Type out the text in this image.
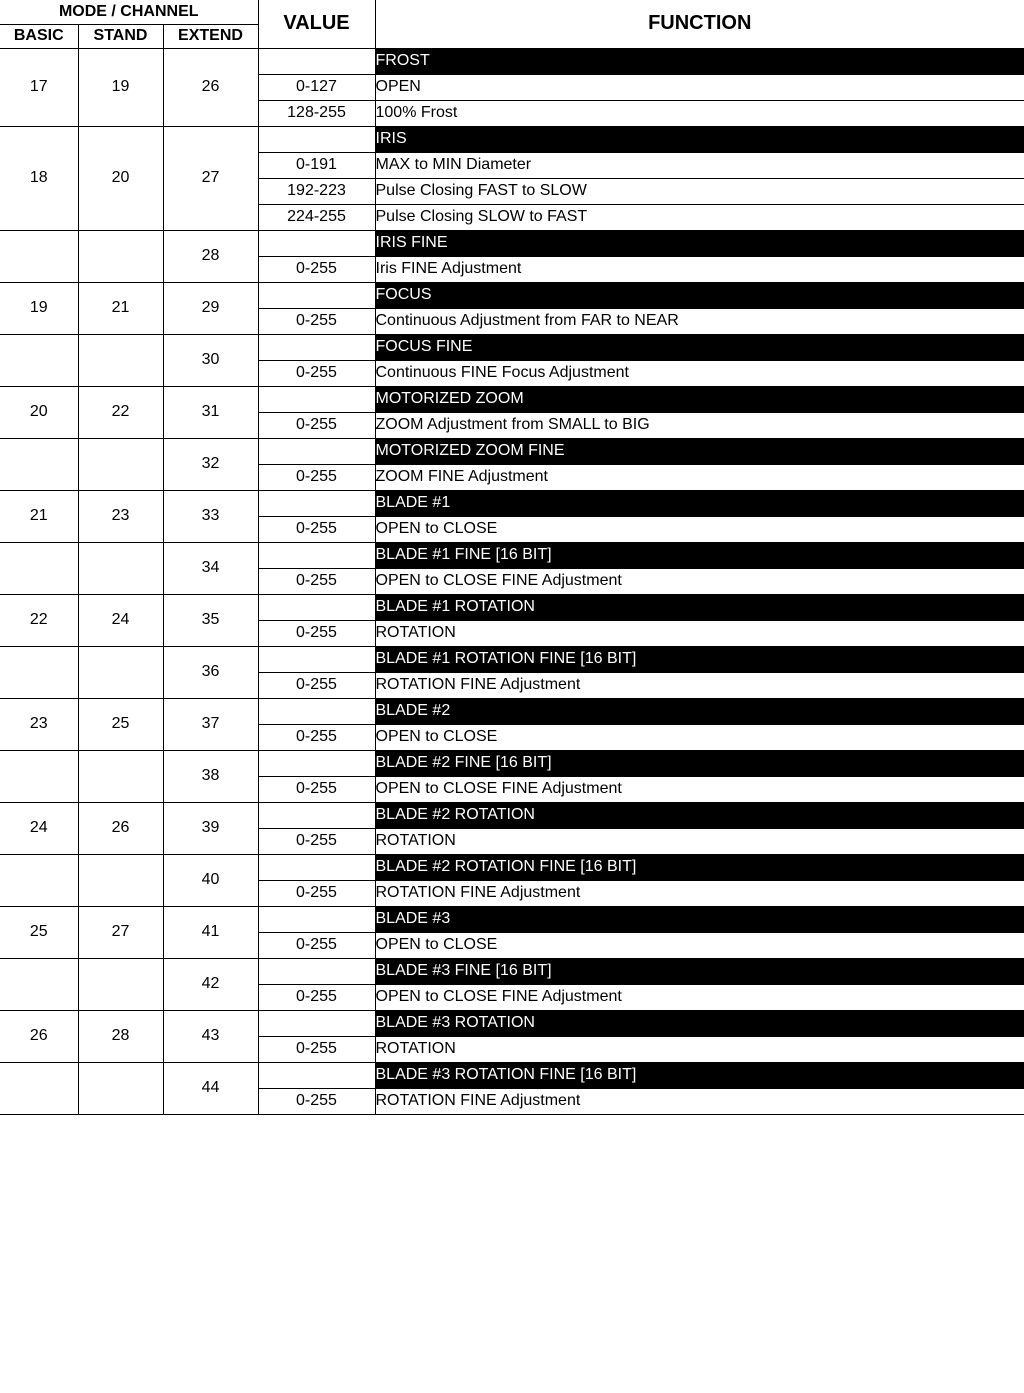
MODE / CHANNEL			VALUE	FUNCTION
BASIC	STAND	EXTEND		
17	19	26		FROST
			0-127	OPEN
			128-255	100% Frost
18	20	27		IRIS
			0-191	MAX to MIN Diameter
			192-223	Pulse Closing FAST to SLOW
			224-255	Pulse Closing SLOW to FAST
		28		IRIS FINE
			0-255	Iris FINE Adjustment
19	21	29		FOCUS
			0-255	Continuous Adjustment from FAR to NEAR
		30		FOCUS FINE
			0-255	Continuous FINE Focus Adjustment
20	22	31		MOTORIZED ZOOM
			0-255	ZOOM Adjustment from SMALL to BIG
		32		MOTORIZED ZOOM FINE
			0-255	ZOOM FINE Adjustment
21	23	33		BLADE #1
			0-255	OPEN to CLOSE
		34		BLADE #1 FINE [16 BIT]
			0-255	OPEN to CLOSE FINE Adjustment
22	24	35		BLADE #1 ROTATION
			0-255	ROTATION
		36		BLADE #1 ROTATION FINE [16 BIT]
			0-255	ROTATION FINE Adjustment
23	25	37		BLADE #2
			0-255	OPEN to CLOSE
		38		BLADE #2 FINE [16 BIT]
			0-255	OPEN to CLOSE FINE Adjustment
24	26	39		BLADE #2 ROTATION
			0-255	ROTATION
		40		BLADE #2 ROTATION FINE [16 BIT]
			0-255	ROTATION FINE Adjustment
25	27	41		BLADE #3
			0-255	OPEN to CLOSE
		42		BLADE #3 FINE [16 BIT]
			0-255	OPEN to CLOSE FINE Adjustment
26	28	43		BLADE #3 ROTATION
			0-255	ROTATION
		44		BLADE #3 ROTATION FINE [16 BIT]
			0-255	ROTATION FINE Adjustment
